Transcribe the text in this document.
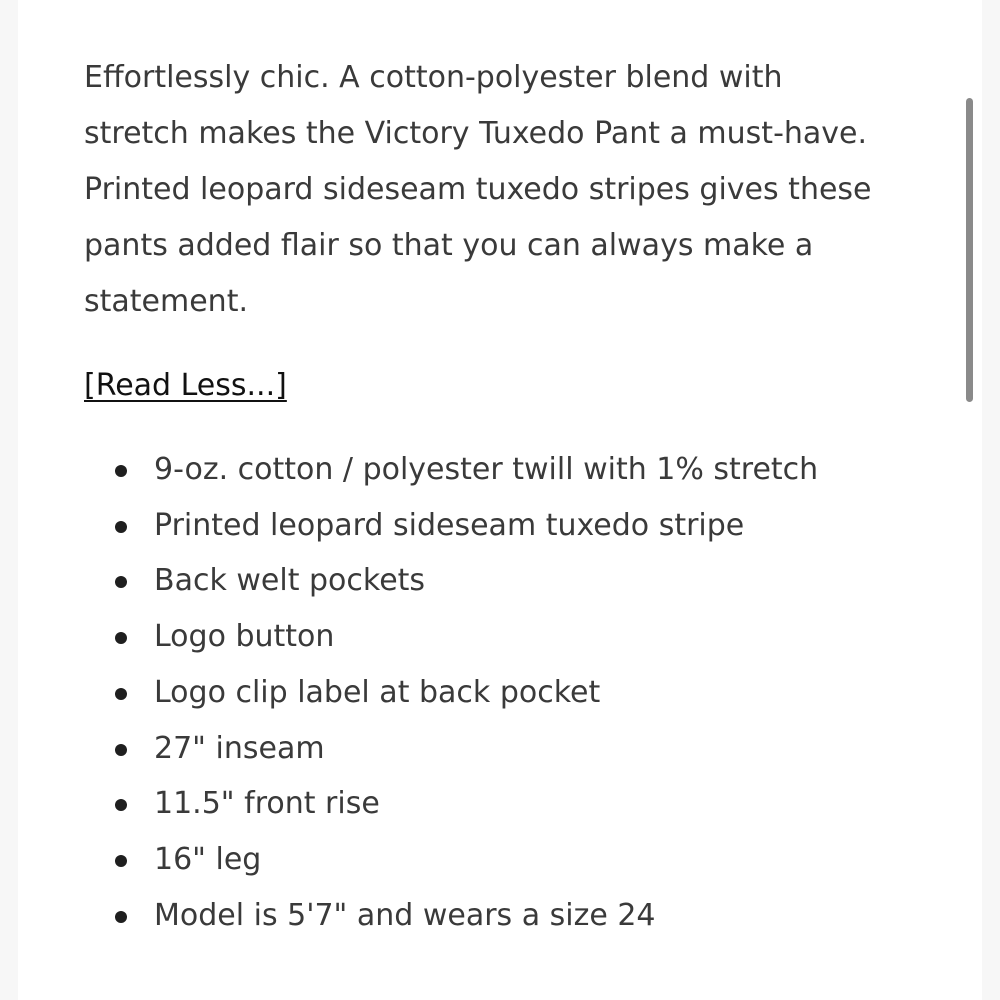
Effortlessly chic. A cotton-polyester blend with
stretch makes the Victory Tuxedo Pant a must-have.
Printed leopard sideseam tuxedo stripes gives these
pants added flair so that you can always make a
statement.

[Read Less...]
9-oz. cotton / polyester twill with 1% stretch
Printed leopard sideseam tuxedo stripe
Back welt pockets
Logo button
Logo clip label at back pocket
27" inseam
11.5" front rise
16" leg
Model is 5'7" and wears a size 24
